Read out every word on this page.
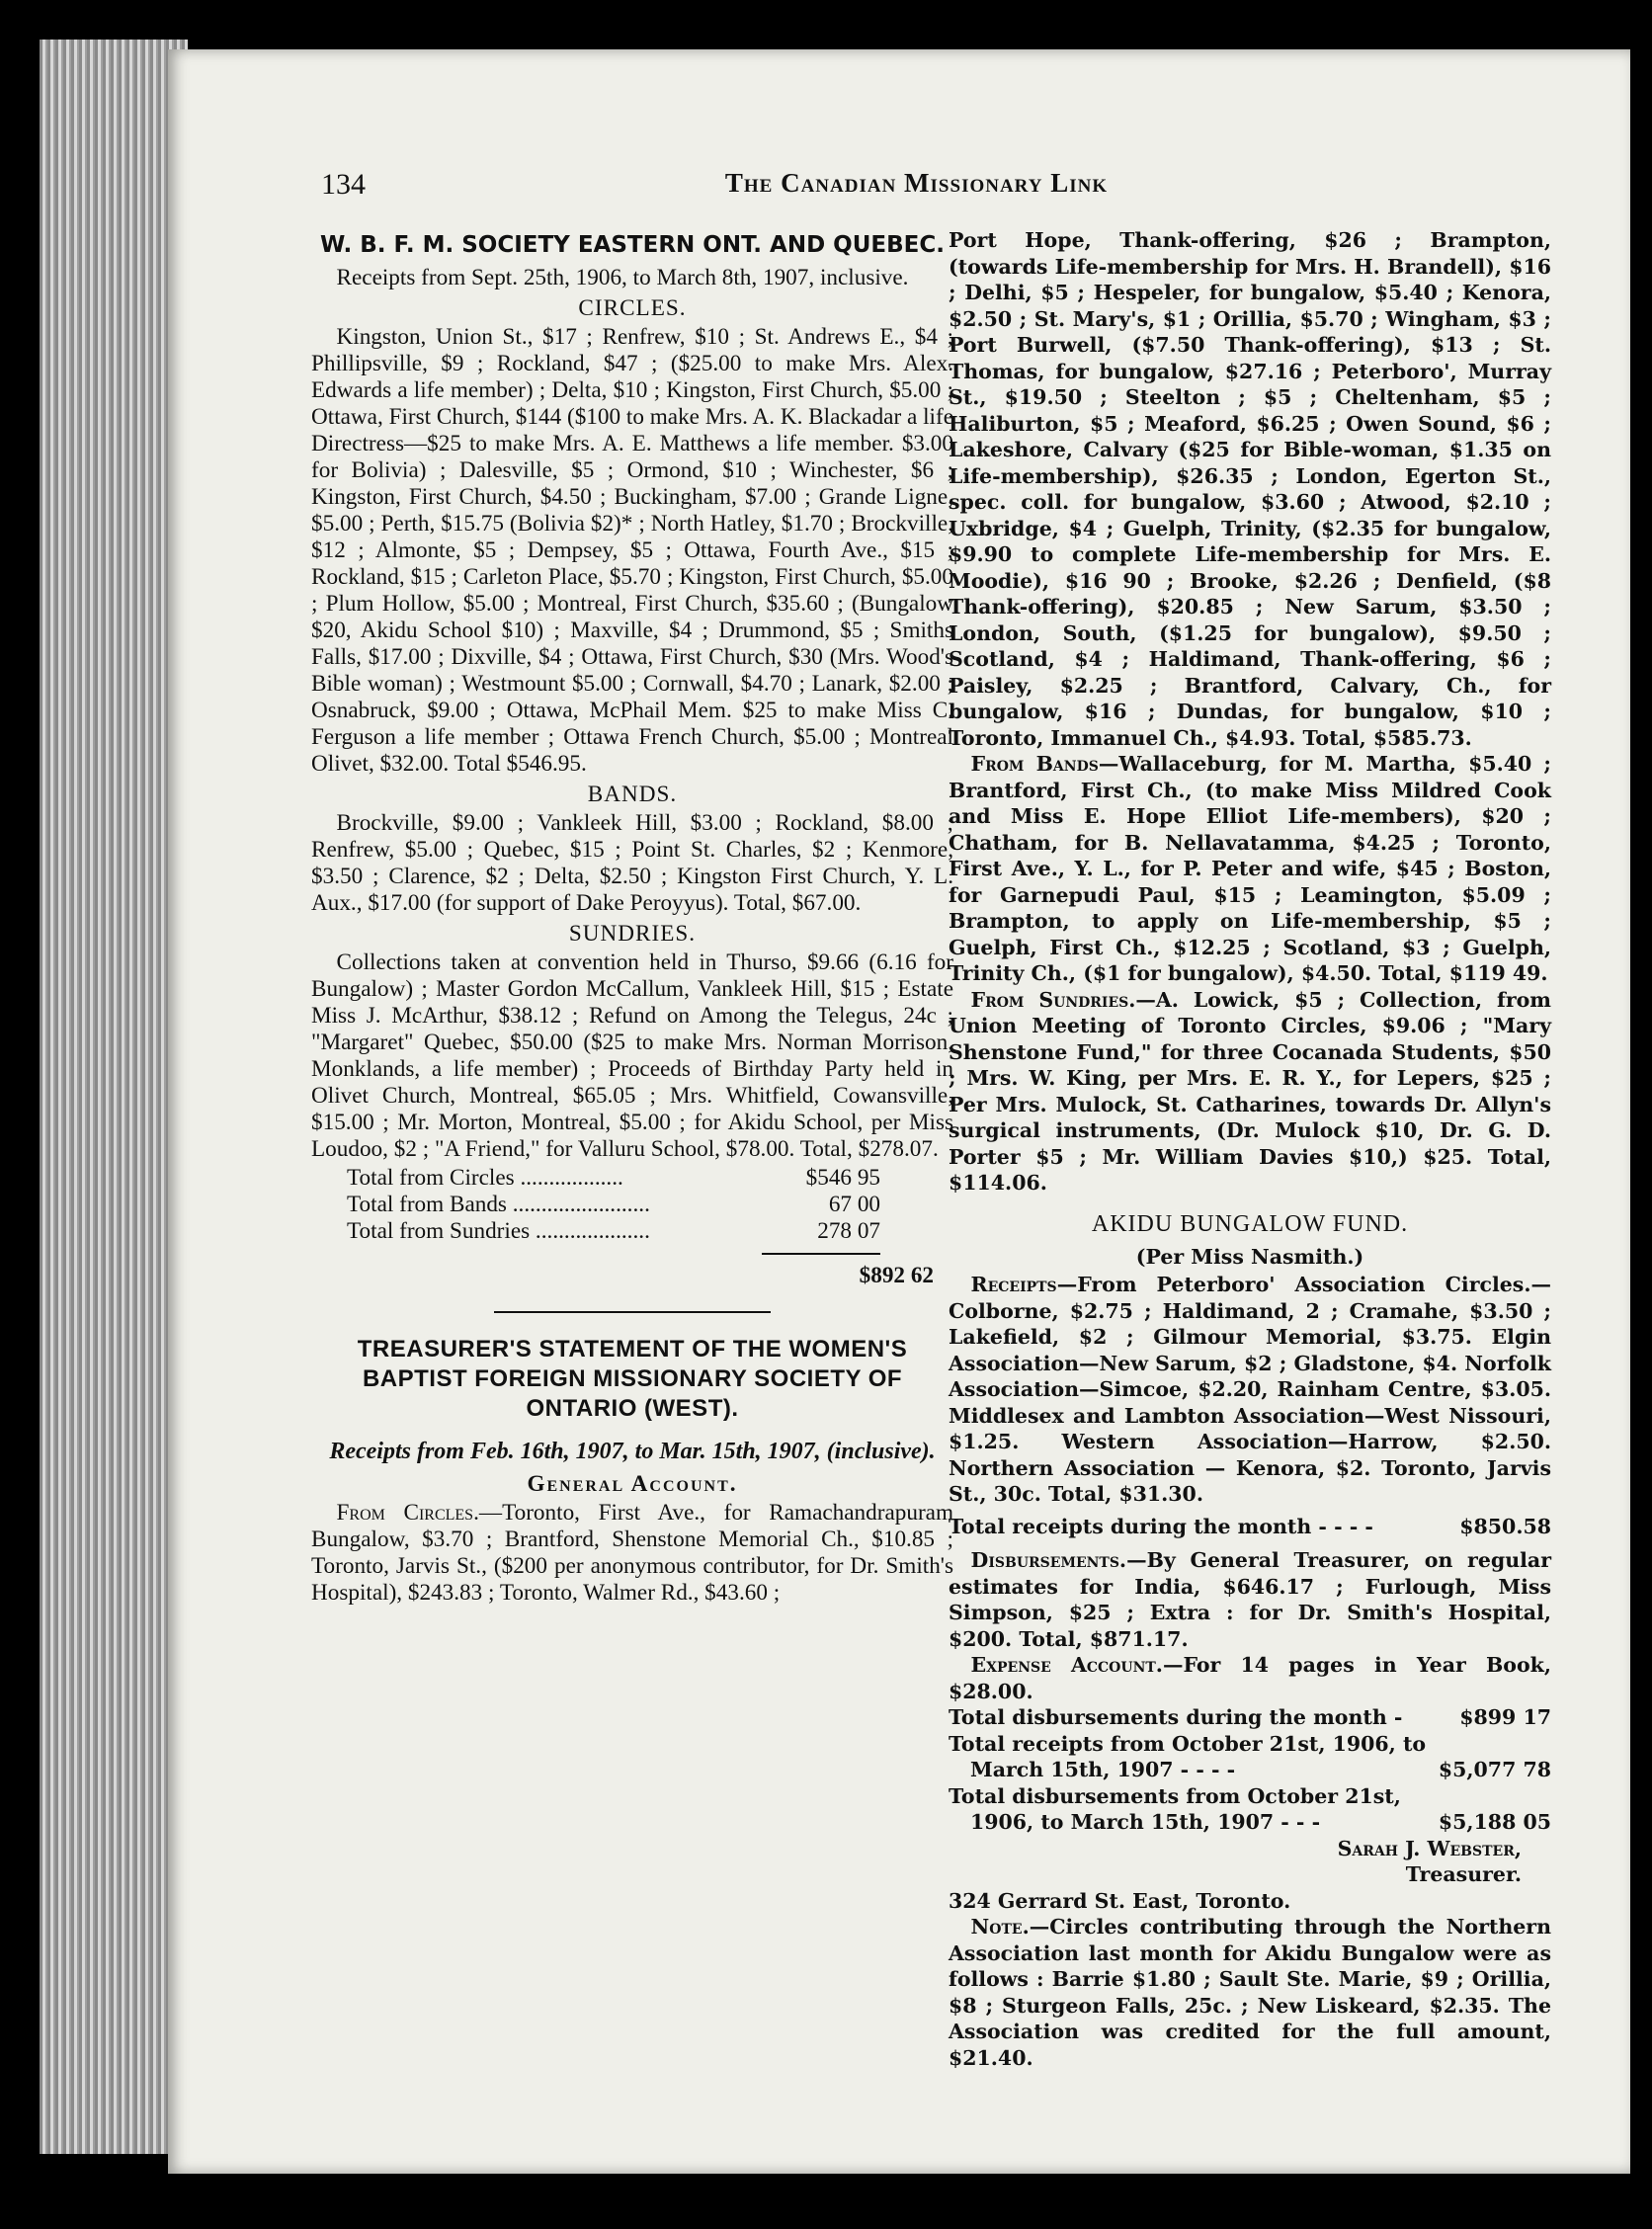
134	The Canadian Missionary Link
W. B. F. M. SOCIETY EASTERN ONT. AND QUEBEC.

Receipts from Sept. 25th, 1906, to March 8th, 1907, inclusive.

CIRCLES.

Kingston, Union St., $17 ; Renfrew, $10 ; St. Andrews E., $4 ; Phillipsville, $9 ; Rockland, $47 ; ($25.00 to make Mrs. Alex. Edwards a life member) ; Delta, $10 ; Kingston, First Church, $5.00 ; Ottawa, First Church, $144 ($100 to make Mrs. A. K. Blackadar a life Directress—$25 to make Mrs. A. E. Matthews a life member. $3.00 for Bolivia) ; Dalesville, $5 ; Ormond, $10 ; Winchester, $6 ; Kingston, First Church, $4.50 ; Buckingham, $7.00 ; Grande Ligne, $5.00 ; Perth, $15.75 (Bolivia $2)* ; North Hatley, $1.70 ; Brockville, $12 ; Almonte, $5 ; Dempsey, $5 ; Ottawa, Fourth Ave., $15 ; Rockland, $15 ; Carleton Place, $5.70 ; Kingston, First Church, $5.00 ; Plum Hollow, $5.00 ; Montreal, First Church, $35.60 ; (Bungalow $20, Akidu School $10) ; Maxville, $4 ; Drummond, $5 ; Smiths Falls, $17.00 ; Dixville, $4 ; Ottawa, First Church, $30 (Mrs. Wood's Bible woman) ; Westmount $5.00 ; Cornwall, $4.70 ; Lanark, $2.00 ; Osnabruck, $9.00 ; Ottawa, McPhail Mem. $25 to make Miss C. Ferguson a life member ; Ottawa French Church, $5.00 ; Montreal Olivet, $32.00. Total $546.95.

BANDS.

Brockville, $9.00 ; Vankleek Hill, $3.00 ; Rockland, $8.00 ; Renfrew, $5.00 ; Quebec, $15 ; Point St. Charles, $2 ; Kenmore, $3.50 ; Clarence, $2 ; Delta, $2.50 ; Kingston First Church, Y. L. Aux., $17.00 (for support of Dake Peroyyus). Total, $67.00.

SUNDRIES.

Collections taken at convention held in Thurso, $9.66 (6.16 for Bungalow) ; Master Gordon McCallum, Vankleek Hill, $15 ; Estate Miss J. McArthur, $38.12 ; Refund on Among the Telegus, 24c ; "Margaret" Quebec, $50.00 ($25 to make Mrs. Norman Morrison, Monklands, a life member) ; Proceeds of Birthday Party held in Olivet Church, Montreal, $65.05 ; Mrs. Whitfield, Cowansville, $15.00 ; Mr. Morton, Montreal, $5.00 ; for Akidu School, per Miss Loudoo, $2 ; "A Friend," for Valluru School, $78.00. Total, $278.07.

Total from Circles ..................	$546 95
Total from Bands ........................	67 00
Total from Sundries ....................	278 07
$892 62
TREASURER'S STATEMENT OF THE WOMEN'S BAPTIST FOREIGN MISSIONARY SOCIETY OF ONTARIO (WEST).
Receipts from Feb. 16th, 1907, to Mar. 15th, 1907, (inclusive).
General Account.

From Circles.—Toronto, First Ave., for Ramachandrapuram Bungalow, $3.70 ; Brantford, Shenstone Memorial Ch., $10.85 ; Toronto, Jarvis St., ($200 per anonymous contributor, for Dr. Smith's Hospital), $243.83 ; Toronto, Walmer Rd., $43.60 ;

Port Hope, Thank-offering, $26 ; Brampton, (towards Life-membership for Mrs. H. Brandell), $16 ; Delhi, $5 ; Hespeler, for bungalow, $5.40 ; Kenora, $2.50 ; St. Mary's, $1 ; Orillia, $5.70 ; Wingham, $3 ; Port Burwell, ($7.50 Thank-offering), $13 ; St. Thomas, for bungalow, $27.16 ; Peterboro', Murray St., $19.50 ; Steelton ; $5 ; Cheltenham, $5 ; Haliburton, $5 ; Meaford, $6.25 ; Owen Sound, $6 ; Lakeshore, Calvary ($25 for Bible-woman, $1.35 on Life-membership), $26.35 ; London, Egerton St., spec. coll. for bungalow, $3.60 ; Atwood, $2.10 ; Uxbridge, $4 ; Guelph, Trinity, ($2.35 for bungalow, $9.90 to complete Life-membership for Mrs. E. Moodie), $16 90 ; Brooke, $2.26 ; Denfield, ($8 Thank-offering), $20.85 ; New Sarum, $3.50 ; London, South, ($1.25 for bungalow), $9.50 ; Scotland, $4 ; Haldimand, Thank-offering, $6 ; Paisley, $2.25 ; Brantford, Calvary, Ch., for bungalow, $16 ; Dundas, for bungalow, $10 ; Toronto, Immanuel Ch., $4.93. Total, $585.73.

From Bands—Wallaceburg, for M. Martha, $5.40 ; Brantford, First Ch., (to make Miss Mildred Cook and Miss E. Hope Elliot Life-members), $20 ; Chatham, for B. Nellavatamma, $4.25 ; Toronto, First Ave., Y. L., for P. Peter and wife, $45 ; Boston, for Garnepudi Paul, $15 ; Leamington, $5.09 ; Brampton, to apply on Life-membership, $5 ; Guelph, First Ch., $12.25 ; Scotland, $3 ; Guelph, Trinity Ch., ($1 for bungalow), $4.50. Total, $119 49.

From Sundries.—A. Lowick, $5 ; Collection, from Union Meeting of Toronto Circles, $9.06 ; "Mary Shenstone Fund," for three Cocanada Students, $50 ; Mrs. W. King, per Mrs. E. R. Y., for Lepers, $25 ; Per Mrs. Mulock, St. Catharines, towards Dr. Allyn's surgical instruments, (Dr. Mulock $10, Dr. G. D. Porter $5 ; Mr. William Davies $10,) $25. Total, $114.06.

AKIDU BUNGALOW FUND.
(Per Miss Nasmith.)

Receipts—From Peterboro' Association Circles.—Colborne, $2.75 ; Haldimand, 2 ; Cramahe, $3.50 ; Lakefield, $2 ; Gilmour Memorial, $3.75. Elgin Association—New Sarum, $2 ; Gladstone, $4. Norfolk Association—Simcoe, $2.20, Rainham Centre, $3.05. Middlesex and Lambton Association—West Nissouri, $1.25. Western Association—Harrow, $2.50. Northern Association — Kenora, $2. Toronto, Jarvis St., 30c. Total, $31.30.

Total receipts during the month - - - -	$850.58

Disbursements.—By General Treasurer, on regular estimates for India, $646.17 ; Furlough, Miss Simpson, $25 ; Extra : for Dr. Smith's Hospital, $200. Total, $871.17.

Expense Account.—For 14 pages in Year Book, $28.00.

Total disbursements during the month -	$899 17
Total receipts from October 21st, 1906, to
March 15th, 1907 - - - -	$5,077 78
Total disbursements from October 21st,
1906, to March 15th, 1907 - - -	$5,188 05
Sarah J. Webster,
Treasurer.
324 Gerrard St. East, Toronto.

Note.—Circles contributing through the Northern Association last month for Akidu Bungalow were as follows : Barrie $1.80 ; Sault Ste. Marie, $9 ; Orillia, $8 ; Sturgeon Falls, 25c. ; New Liskeard, $2.35. The Association was credited for the full amount, $21.40.
